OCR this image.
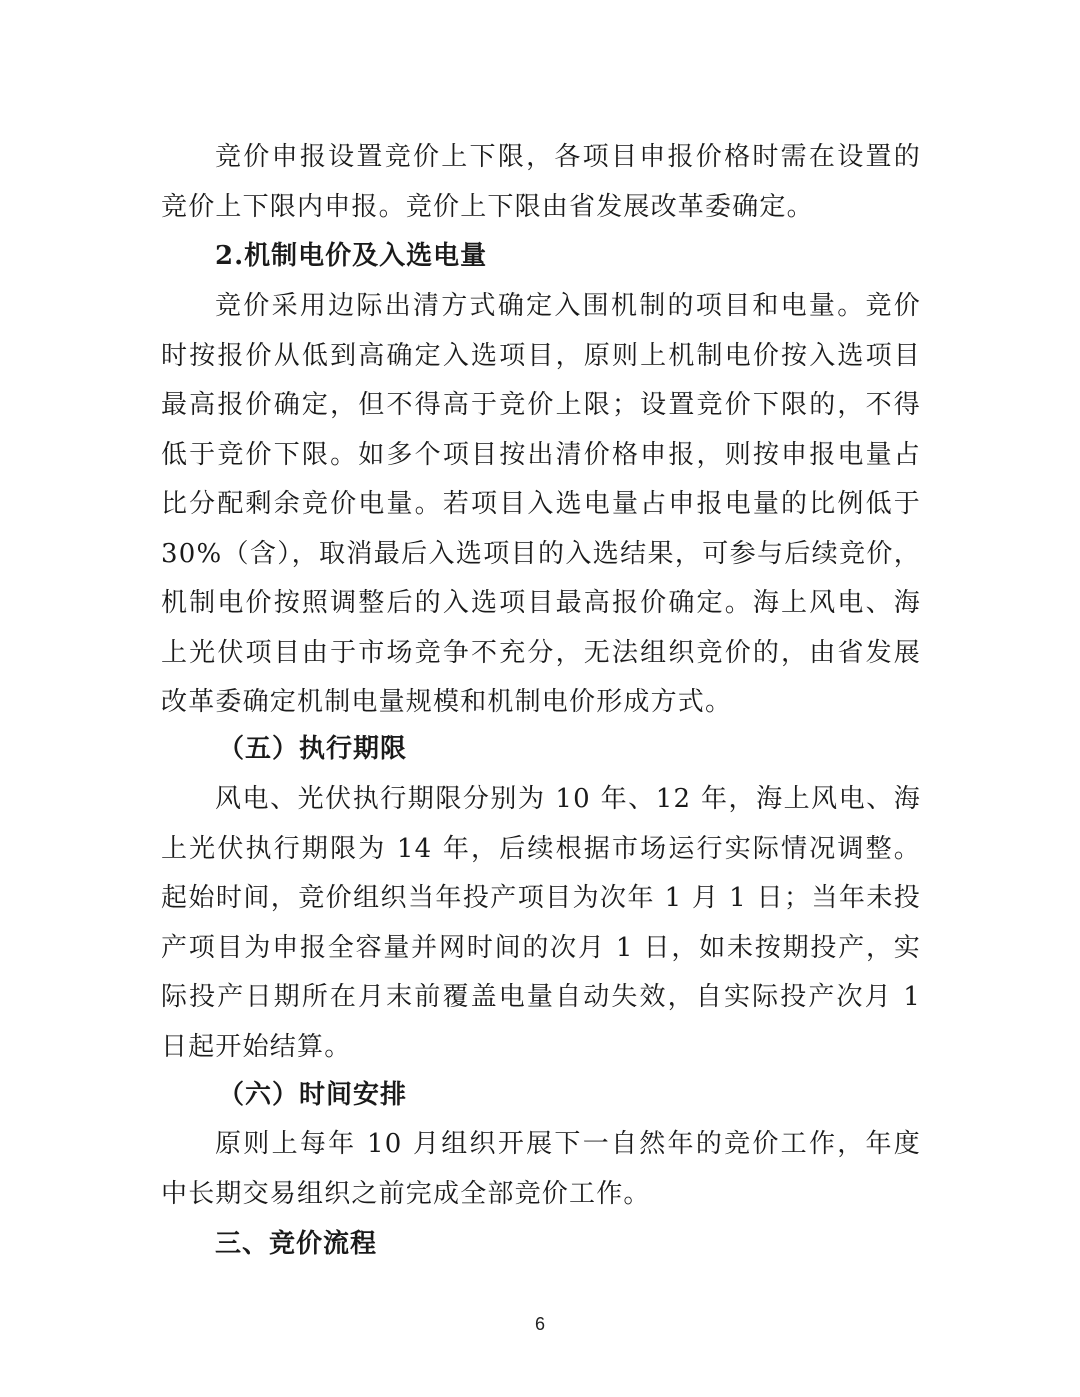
竞价申报设置竞价上下限，各项目申报价格时需在设置的竞价上下限内申报。竞价上下限由省发展改革委确定。

2.机制电价及入选电量

竞价采用边际出清方式确定入围机制的项目和电量。竞价时按报价从低到高确定入选项目，原则上机制电价按入选项目最高报价确定，但不得高于竞价上限；设置竞价下限的，不得低于竞价下限。如多个项目按出清价格申报，则按申报电量占比分配剩余竞价电量。若项目入选电量占申报电量的比例低于30%（含），取消最后入选项目的入选结果，可参与后续竞价，机制电价按照调整后的入选项目最高报价确定。海上风电、海上光伏项目由于市场竞争不充分，无法组织竞价的，由省发展改革委确定机制电量规模和机制电价形成方式。

（五）执行期限

风电、光伏执行期限分别为 10 年、12 年，海上风电、海上光伏执行期限为 14 年，后续根据市场运行实际情况调整。起始时间，竞价组织当年投产项目为次年 1 月 1 日；当年未投产项目为申报全容量并网时间的次月 1 日，如未按期投产，实际投产日期所在月末前覆盖电量自动失效，自实际投产次月 1 日起开始结算。

（六）时间安排

原则上每年 10 月组织开展下一自然年的竞价工作，年度中长期交易组织之前完成全部竞价工作。

三、竞价流程

6
